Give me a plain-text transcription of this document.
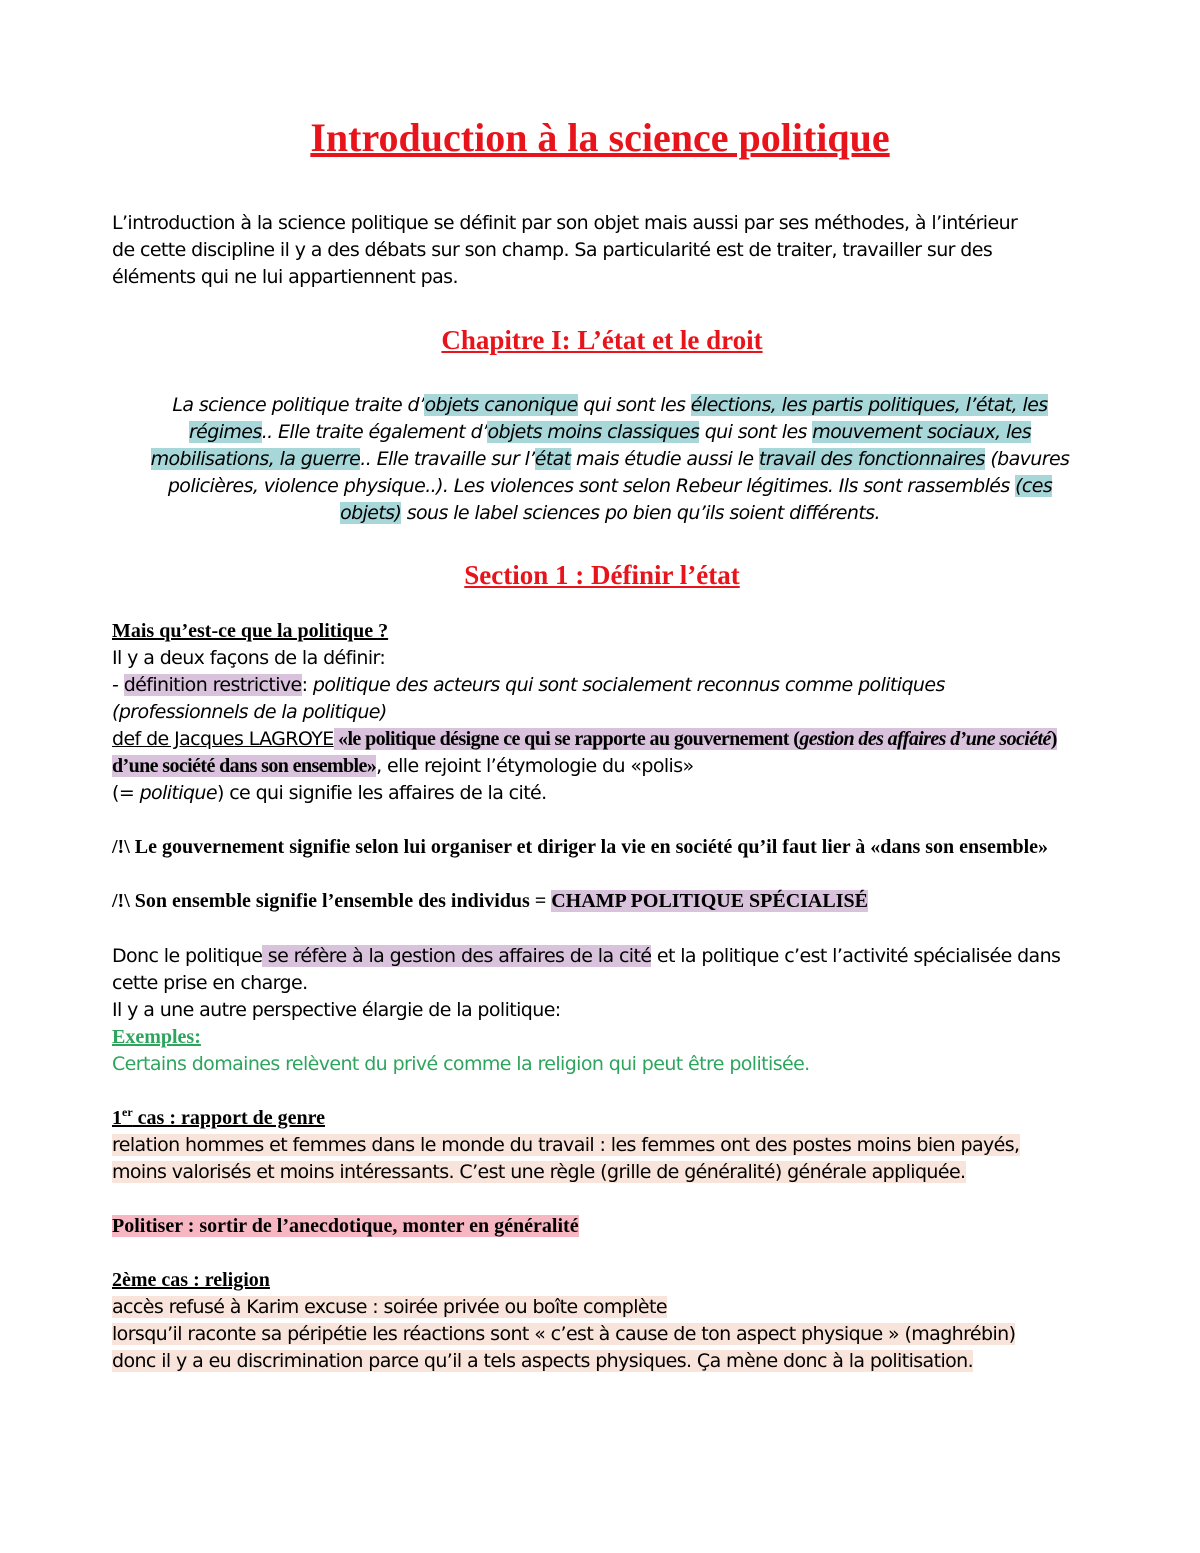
Introduction à la science politique
L’introduction à la science politique se définit par son objet mais aussi par ses méthodes, à l’intérieur
de cette discipline il y a des débats sur son champ. Sa particularité est de traiter, travailler sur des
éléments qui ne lui appartiennent pas.
Chapitre I: L’état et le droit
La science politique traite d’objets canonique qui sont les élections, les partis politiques, l’état, les régimes.. Elle traite également d’objets moins classiques qui sont les mouvement sociaux, les mobilisations, la guerre.. Elle travaille sur l’état mais étudie aussi le travail des fonctionnaires (bavures policières, violence physique..). Les violences sont selon Rebeur légitimes. Ils sont rassemblés (ces objets) sous le label sciences po bien qu’ils soient différents.
Section 1 : Définir l’état
Mais qu’est-ce que la politique ?
Il y a deux façons de la définir:
- définition restrictive: politique des acteurs qui sont socialement reconnus comme politiques
(professionnels de la politique)
def de Jacques LAGROYE «le politique désigne ce qui se rapporte au gouvernement (gestion des affaires d’une société) d’une société dans son ensemble», elle rejoint l’étymologie du «polis»
(= politique) ce qui signifie les affaires de la cité.
/!\ Le gouvernement signifie selon lui organiser et diriger la vie en société qu’il faut lier à «dans son ensemble»
/!\ Son ensemble signifie l’ensemble des individus = CHAMP POLITIQUE SPÉCIALISÉ
Donc le politique se réfère à la gestion des affaires de la cité et la politique c’est l’activité spécialisée dans cette prise en charge.
Il y a une autre perspective élargie de la politique:
Exemples:
Certains domaines relèvent du privé comme la religion qui peut être politisée.
1er cas : rapport de genre
relation hommes et femmes dans le monde du travail : les femmes ont des postes moins bien payés,
moins valorisés et moins intéressants. C’est une règle (grille de généralité) générale appliquée.
Politiser : sortir de l’anecdotique, monter en généralité
2ème cas : religion
accès refusé à Karim excuse : soirée privée ou boîte complète
lorsqu’il raconte sa péripétie les réactions sont « c’est à cause de ton aspect physique » (maghrébin)
donc il y a eu discrimination parce qu’il a tels aspects physiques. Ça mène donc à la politisation.
